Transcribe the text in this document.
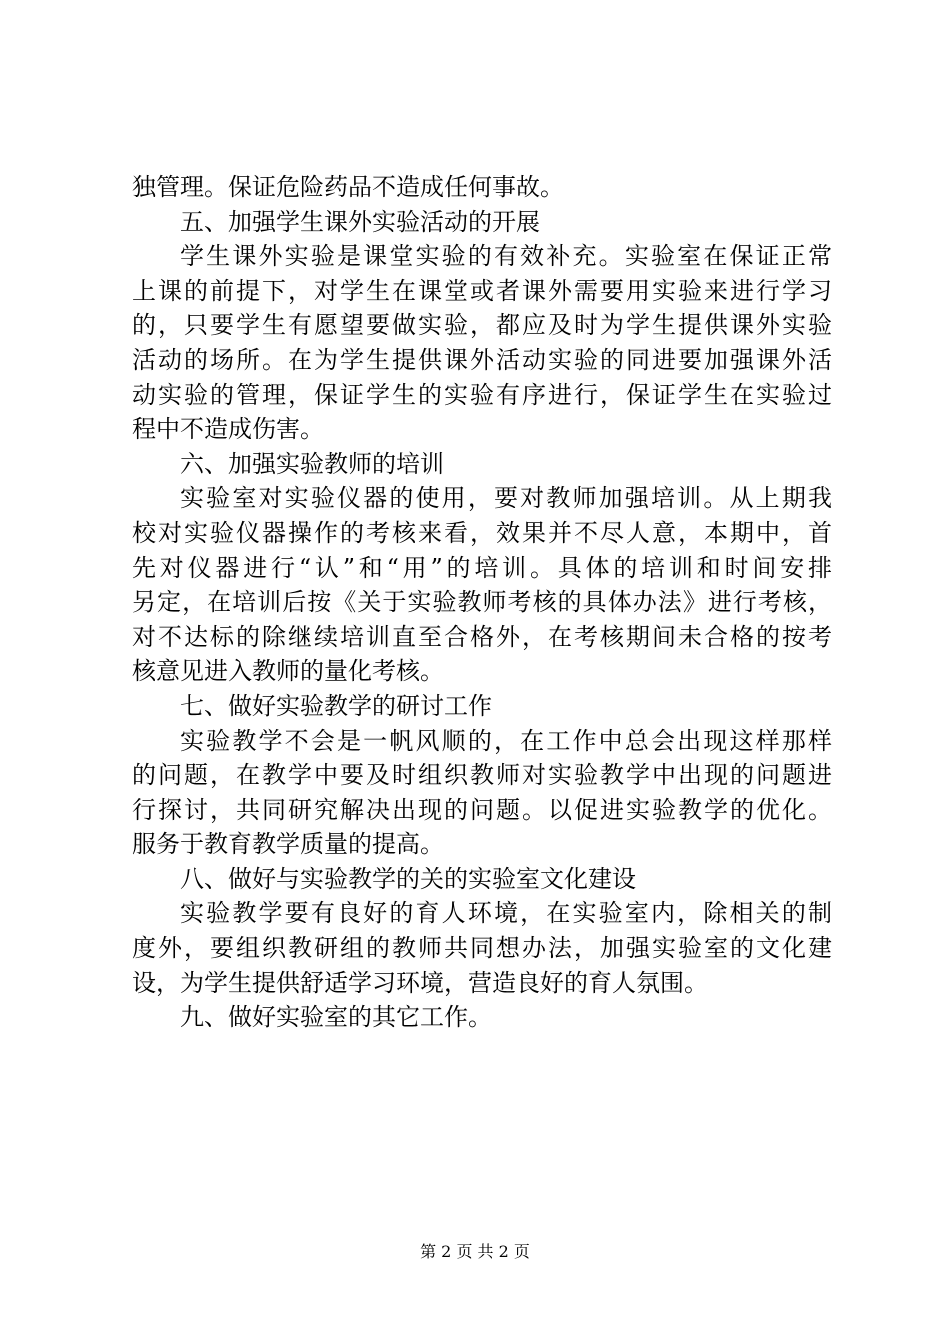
独管理。保证危险药品不造成任何事故。
五、加强学生课外实验活动的开展
学生课外实验是课堂实验的有效补充。实验室在保证正常
上课的前提下，对学生在课堂或者课外需要用实验来进行学习
的，只要学生有愿望要做实验，都应及时为学生提供课外实验
活动的场所。在为学生提供课外活动实验的同进要加强课外活
动实验的管理，保证学生的实验有序进行，保证学生在实验过
程中不造成伤害。
六、加强实验教师的培训
实验室对实验仪器的使用，要对教师加强培训。从上期我
校对实验仪器操作的考核来看，效果并不尽人意，本期中，首
先对仪器进行“认”和“用”的培训。具体的培训和时间安排
另定，在培训后按《关于实验教师考核的具体办法》进行考核，
对不达标的除继续培训直至合格外，在考核期间未合格的按考
核意见进入教师的量化考核。
七、做好实验教学的研讨工作
实验教学不会是一帆风顺的，在工作中总会出现这样那样
的问题，在教学中要及时组织教师对实验教学中出现的问题进
行探讨，共同研究解决出现的问题。以促进实验教学的优化。
服务于教育教学质量的提高。
八、做好与实验教学的关的实验室文化建设
实验教学要有良好的育人环境，在实验室内，除相关的制
度外，要组织教研组的教师共同想办法，加强实验室的文化建
设，为学生提供舒适学习环境，营造良好的育人氛围。
九、做好实验室的其它工作。
第 2 页 共 2 页
